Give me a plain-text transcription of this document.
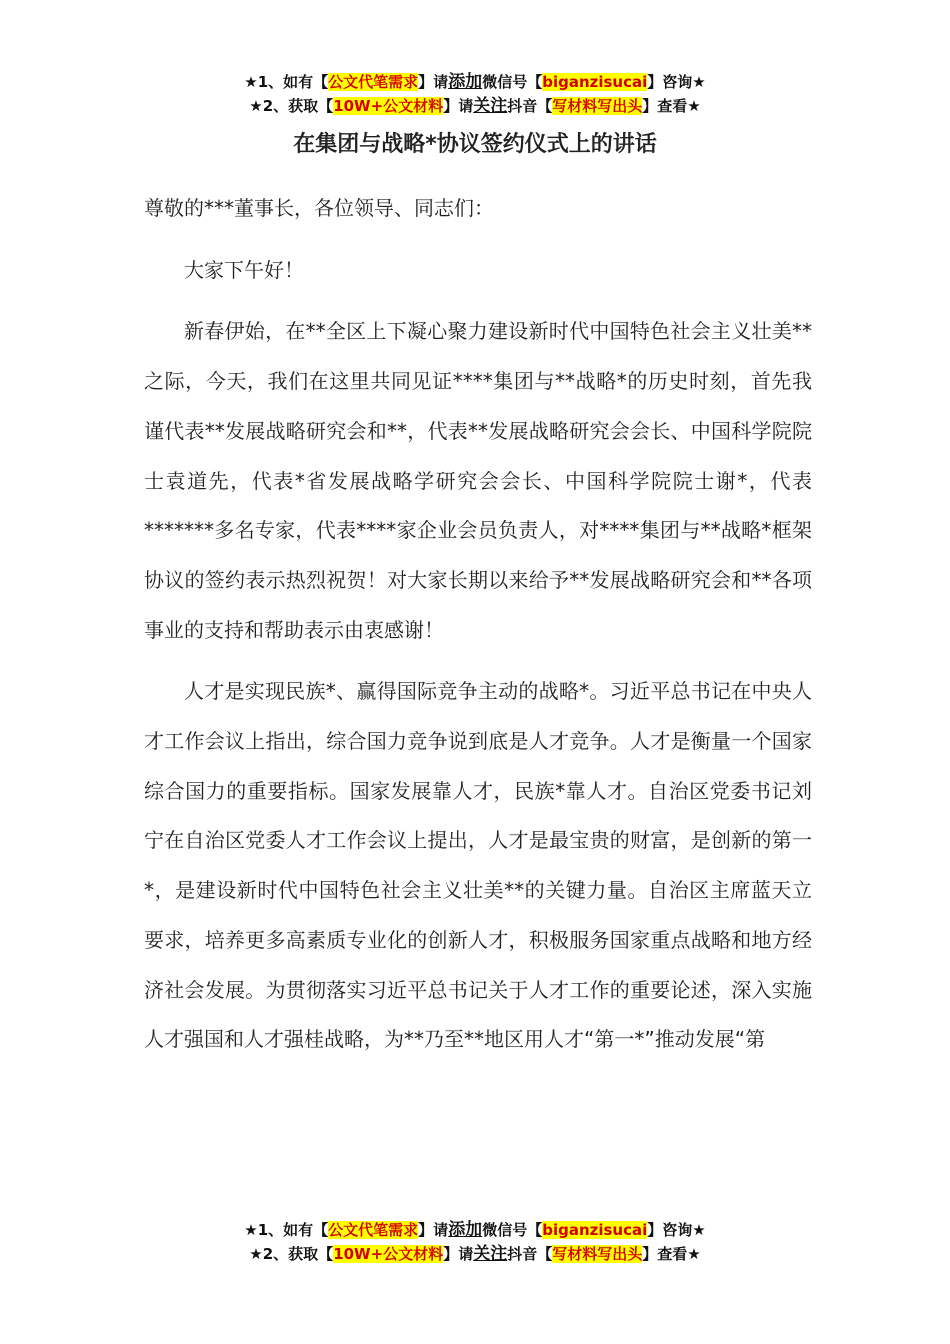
★1、如有【公文代笔需求】请添加微信号【biganzisucai】咨询★
★2、获取【10W+公文材料】请关注抖音【写材料写出头】查看★
在集团与战略*协议签约仪式上的讲话

尊敬的***董事长，各位领导、同志们：

大家下午好！

新春伊始，在**全区上下凝心聚力建设新时代中国特色社会主义壮美**之际，今天，我们在这里共同见证****集团与**战略*的历史时刻，首先我谨代表**发展战略研究会和**，代表**发展战略研究会会长、中国科学院院士袁道先，代表*省发展战略学研究会会长、中国科学院院士谢*，代表*******多名专家，代表****家企业会员负责人，对****集团与**战略*框架协议的签约表示热烈祝贺！对大家长期以来给予**发展战略研究会和**各项事业的支持和帮助表示由衷感谢！

人才是实现民族*、赢得国际竞争主动的战略*。习近平总书记在中央人才工作会议上指出，综合国力竞争说到底是人才竞争。人才是衡量一个国家综合国力的重要指标。国家发展靠人才，民族*靠人才。自治区党委书记刘宁在自治区党委人才工作会议上提出，人才是最宝贵的财富，是创新的第一*，是建设新时代中国特色社会主义壮美**的关键力量。自治区主席蓝天立要求，培养更多高素质专业化的创新人才，积极服务国家重点战略和地方经济社会发展。为贯彻落实习近平总书记关于人才工作的重要论述，深入实施人才强国和人才强桂战略，为**乃至**地区用人才“第一*”推动发展“第

★1、如有【公文代笔需求】请添加微信号【biganzisucai】咨询★
★2、获取【10W+公文材料】请关注抖音【写材料写出头】查看★
